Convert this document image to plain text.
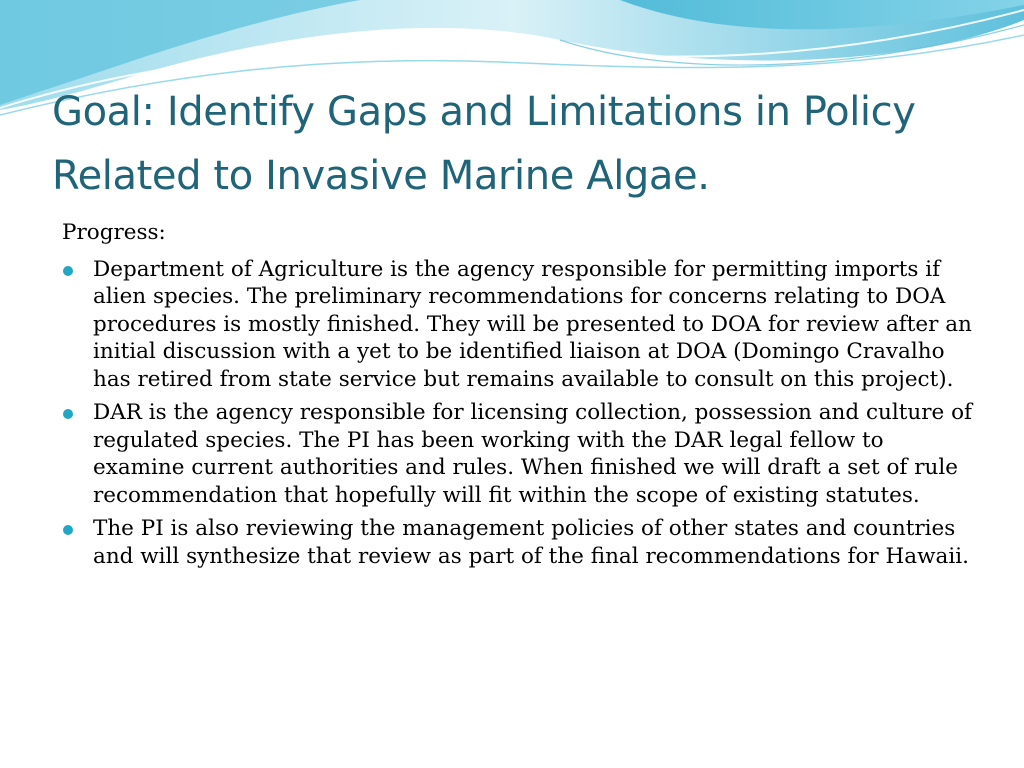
Goal: Identify Gaps and Limitations in Policy Related to Invasive Marine Algae.

Progress:

Department of Agriculture is the agency responsible for permitting imports if alien species. The preliminary recommendations for concerns relating to DOA procedures is mostly finished. They will be presented to DOA for review after an initial discussion with a yet to be identified liaison at DOA (Domingo Cravalho has retired from state service but remains available to consult on this project).
DAR is the agency responsible for licensing collection, possession and culture of regulated species. The PI has been working with the DAR legal fellow to examine current authorities and rules. When finished we will draft a set of rule recommendation that hopefully will fit within the scope of existing statutes.
The PI is also reviewing the management policies of other states and countries and will synthesize that review as part of the final recommendations for Hawaii.
